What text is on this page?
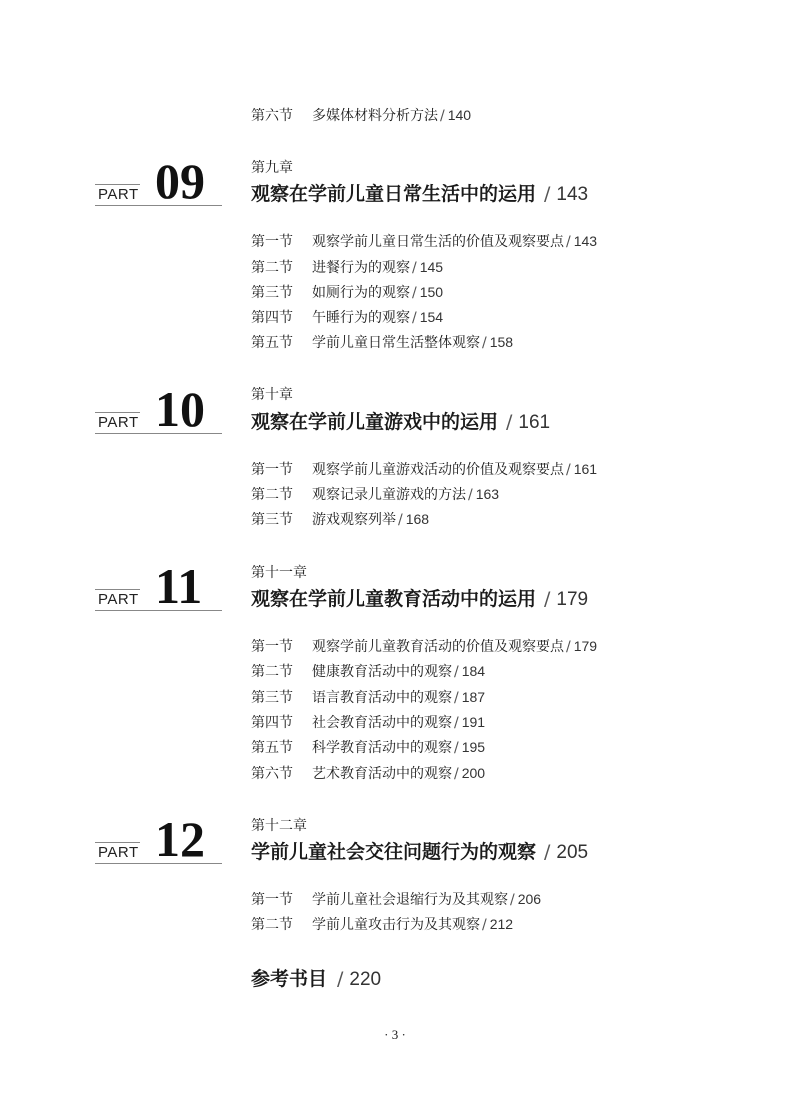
第六节 多媒体材料分析方法 / 140
PART 09	第九章
观察在学前儿童日常生活中的运用 / 143
第一节 观察学前儿童日常生活的价值及观察要点 / 143
第二节 进餐行为的观察 / 145
第三节 如厕行为的观察 / 150
第四节 午睡行为的观察 / 154
第五节 学前儿童日常生活整体观察 / 158
PART 10	第十章
观察在学前儿童游戏中的运用 / 161
第一节 观察学前儿童游戏活动的价值及观察要点 / 161
第二节 观察记录儿童游戏的方法 / 163
第三节 游戏观察列举 / 168
PART 11	第十一章
观察在学前儿童教育活动中的运用 / 179
第一节 观察学前儿童教育活动的价值及观察要点 / 179
第二节 健康教育活动中的观察 / 184
第三节 语言教育活动中的观察 / 187
第四节 社会教育活动中的观察 / 191
第五节 科学教育活动中的观察 / 195
第六节 艺术教育活动中的观察 / 200
PART 12	第十二章
学前儿童社会交往问题行为的观察 / 205
第一节 学前儿童社会退缩行为及其观察 / 206
第二节 学前儿童攻击行为及其观察 / 212
参考书目 / 220
· 3 ·
